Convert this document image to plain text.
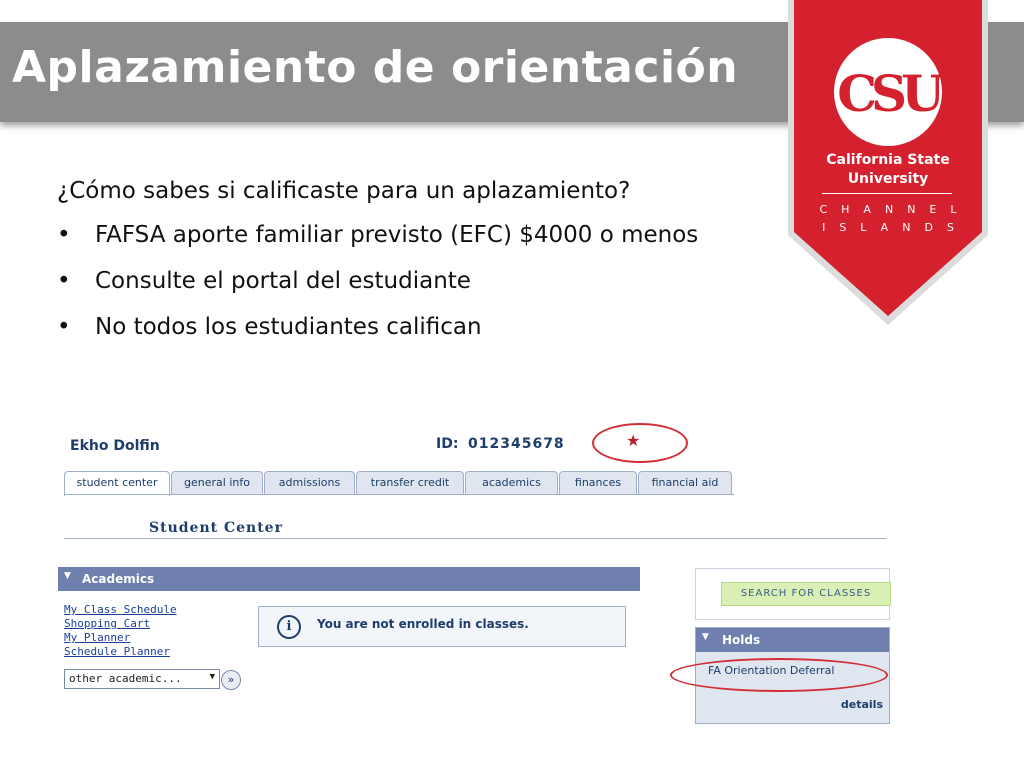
Aplazamiento de orientación CSU
California State
University
CHANNEL
ISLANDS
¿Cómo sabes si calificaste para un aplazamiento?
• FAFSA aporte familiar previsto (EFC) $4000 o menos
• Consulte el portal del estudiante
• No todos los estudiantes califican
Ekho Dolfin	ID: 012345678	★
student center	general info	admissions	transfer credit	academics	finances	financial aid
Student Center
▼ Academics
My Class Schedule
Shopping Cart
My Planner
Schedule Planner
other academic...	▼	»
i	You are not enrolled in classes.
SEARCH FOR CLASSES
▼ Holds
FA Orientation Deferral
details
